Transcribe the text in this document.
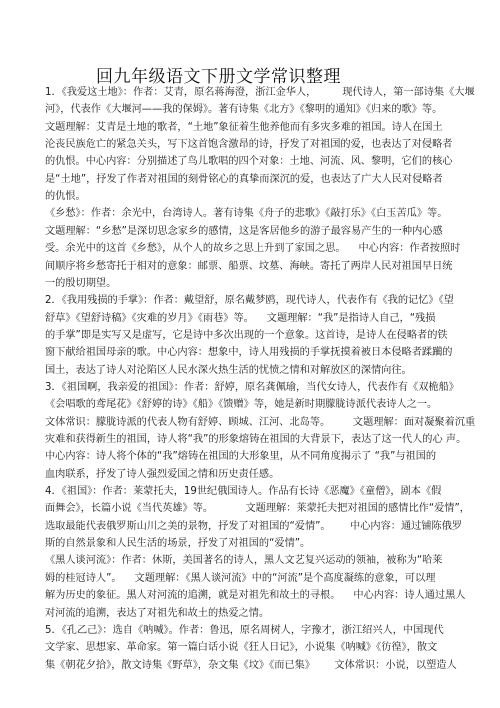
回九年级语文下册文学常识整理
1．《我爱这土地》：作者：艾青，原名蒋海澄，浙江金华人，        现代诗人，第一部诗集《大堰
河》，代表作《大堰河——我的保姆》。著有诗集《北方》《黎明的通知》《归来的歌》等。
文题理解：艾青是土地的歌者，“土地”象征着生他养他而有多灾多难的祖国。诗人在国土
沦丧民族危亡的紧急关头，写下这首饱含激昂的诗，抒发了对祖国的爱，也表达了对侵略者
的仇恨。中心内容：分别描述了鸟儿歌唱的四个对象：土地、河流、风、黎明，它们的核心
是“土地”，抒发了作者对祖国的刻骨铭心的真挚而深沉的爱，也表达了广大人民对侵略者
的仇恨。
《乡愁》：作者：余光中，台湾诗人。著有诗集《舟子的悲歌》《敲打乐》《白玉苦瓜》等。
文题理解：“乡愁”是深切思念家乡的感情，这是客居他乡的游子最容易产生的一种内心感
受。余光中的这首《乡愁》，从个人的故乡之思上升到了家国之思。    中心内容：作者按照时
间顺序将乡愁寄托于相对的意象：邮票、船票、坟墓、海峡。寄托了两岸人民对祖国早日统
一的殷切期望。
2．《我用残损的手掌》：作者：戴望舒，原名戴梦鸥，现代诗人，代表作有《我的记忆》《望
舒草》《望舒诗稿》《灾难的岁月》《雨巷》等。    文题理解：“我”是指诗人自己，“残损
的手掌”即是实写又是虚写，它是诗中多次出现的一个意象。这首诗，是诗人在侵略者的铁
窗下献给祖国母亲的歌。中心内容：想象中，诗人用残损的手掌抚摸着被日本侵略者蹂躏的
国土，表达了诗人对沦陷区人民水深火热生活的忧愤之情和对解放区的深情向往。
3．《祖国啊，我亲爱的祖国》：作者：舒婷，原名龚佩瑜，当代女诗人，代表作有《双桅船》
《会唱歌的鸢尾花》《舒婷的诗》《船》《馈赠》等，她是新时期朦胧诗派代表诗人之一。
文体常识：朦胧诗派的代表人物有舒婷、顾城、江河、北岛等。       文题理解：面对凝聚着沉重
灾难和获得新生的祖国，诗人将“我”的形象熔铸在祖国的大背景下，表达了这一代人的心 声。
中心内容：诗人将个体的“我”熔铸在祖国的大形象里，从不同角度揭示了 “我”与祖国的
血肉联系，抒发了诗人强烈爱国之情和历史责任感。
4．《祖国》：作者：莱蒙托夫，19世纪俄国诗人。作品有长诗《恶魔》《童僧》，剧本《假
面舞会》，长篇小说《当代英雄》等。          文题理解：莱蒙托夫把对祖国的感情比作“爱情”，
选取最能代表俄罗斯山川之美的景物，抒发了对祖国的“爱情”。      中心内容：通过铺陈俄罗
斯的自然景象和人民生活的场景，抒发了对祖国的“爱情”。
《黑人谈河流》：作者：休斯，美国著名的诗人，黑人文艺复兴运动的领袖，被称为“哈莱
姆的桂冠诗人”。    文题理解：《黑人谈河流》中的“河流”是个高度凝练的意象，可以理
解为历史的象征。黑人对河流的追溯，就是对祖先和故土的寻根。    中心内容：诗人通过黑人
对河流的追溯，表达了对祖先和故土的热爱之情。
5．《孔乙己》：选自《呐喊》。作者：鲁迅，原名周树人，字豫才，浙江绍兴人，中国现代
文学家、思想家、革命家。第一篇白话小说《狂人日记》，小说集《呐喊》《彷徨》，散文
集《朝花夕拾》，散文诗集《野草》，杂文集《坟》《而已集》      文体常识：小说，以塑造人
